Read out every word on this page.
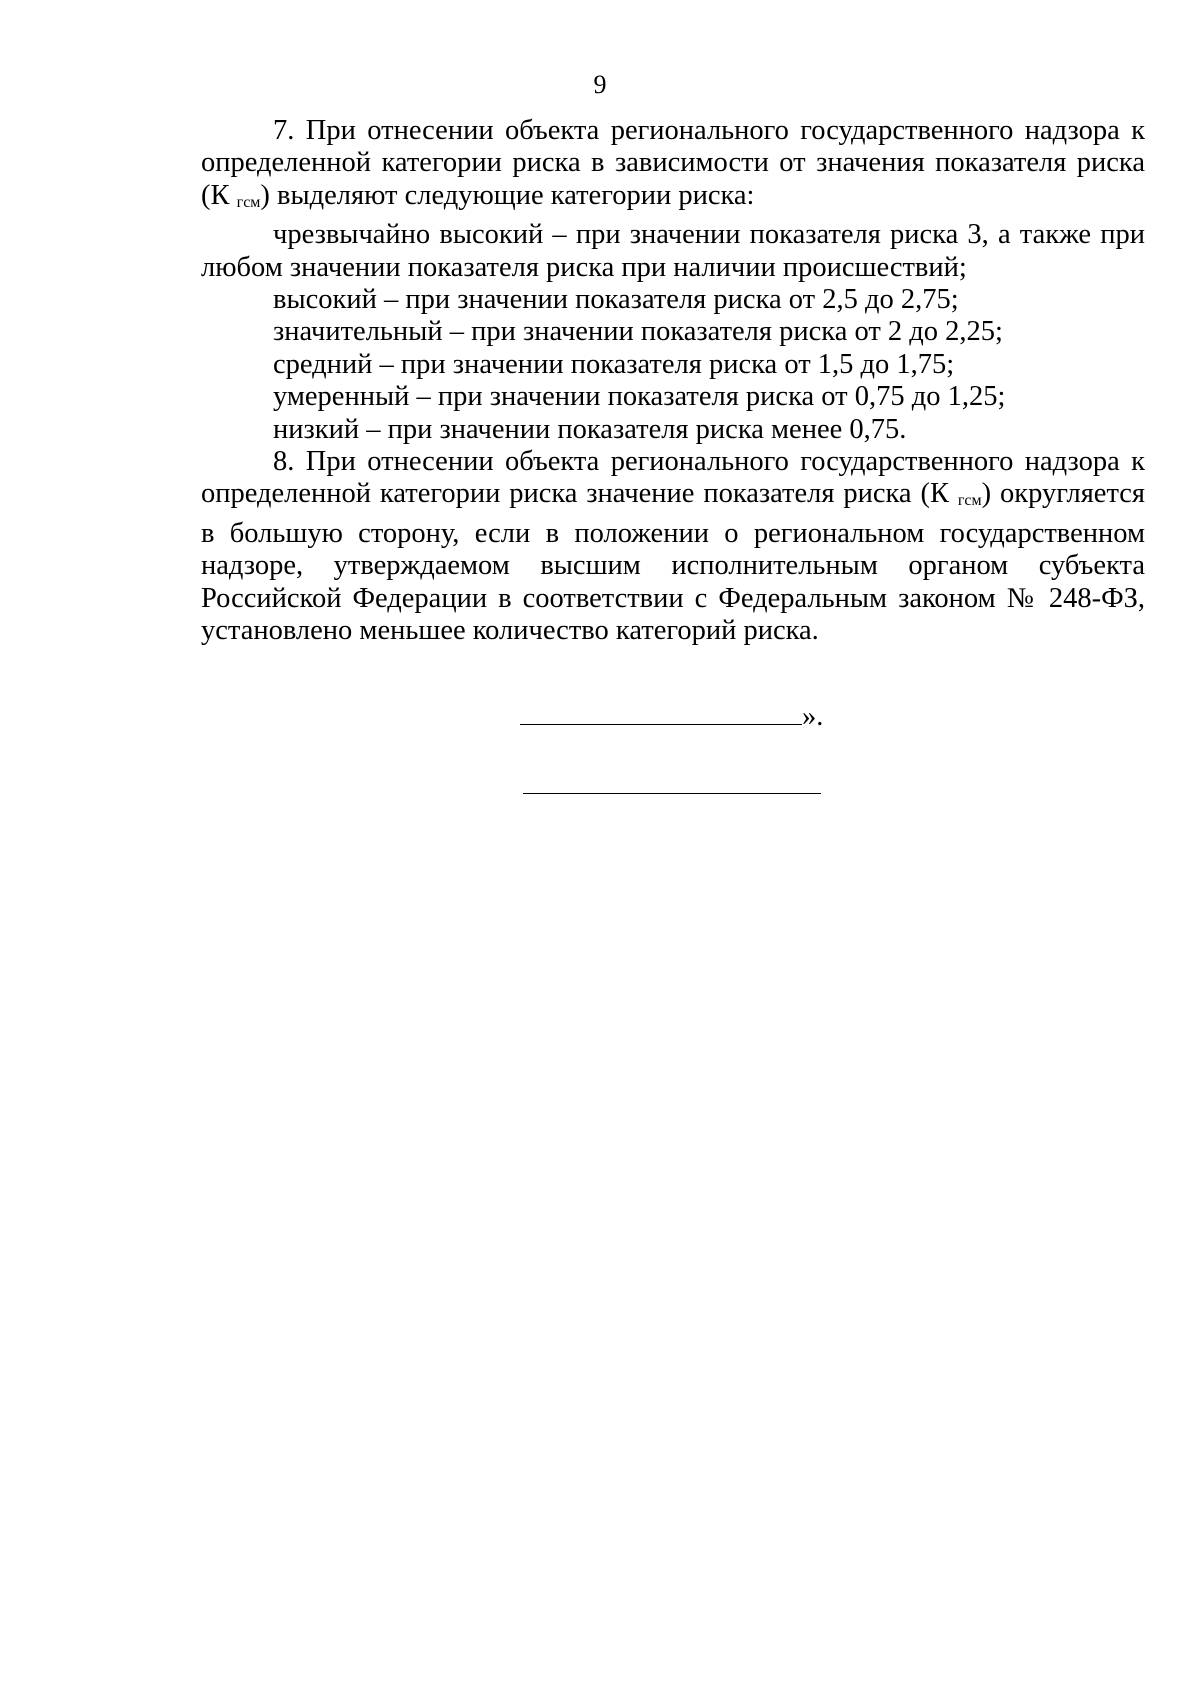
9

7. При отнесении объекта регионального государственного надзора к определенной категории риска в зависимости от значения показателя риска (К гсм) выделяют следующие категории риска:

чрезвычайно высокий – при значении показателя риска 3, а также при любом значении показателя риска при наличии происшествий;

высокий – при значении показателя риска от 2,5 до 2,75;

значительный – при значении показателя риска от 2 до 2,25;

средний – при значении показателя риска от 1,5 до 1,75;

умеренный – при значении показателя риска от 0,75 до 1,25;

низкий – при значении показателя риска менее 0,75.

8. При отнесении объекта регионального государственного надзора к определенной категории риска значение показателя риска (К гсм) округляется в большую сторону, если в положении о региональном государственном надзоре, утверждаемом высшим исполнительным органом субъекта Российской Федерации в соответствии с Федеральным законом № 248-ФЗ, установлено меньшее количество категорий риска.

».
